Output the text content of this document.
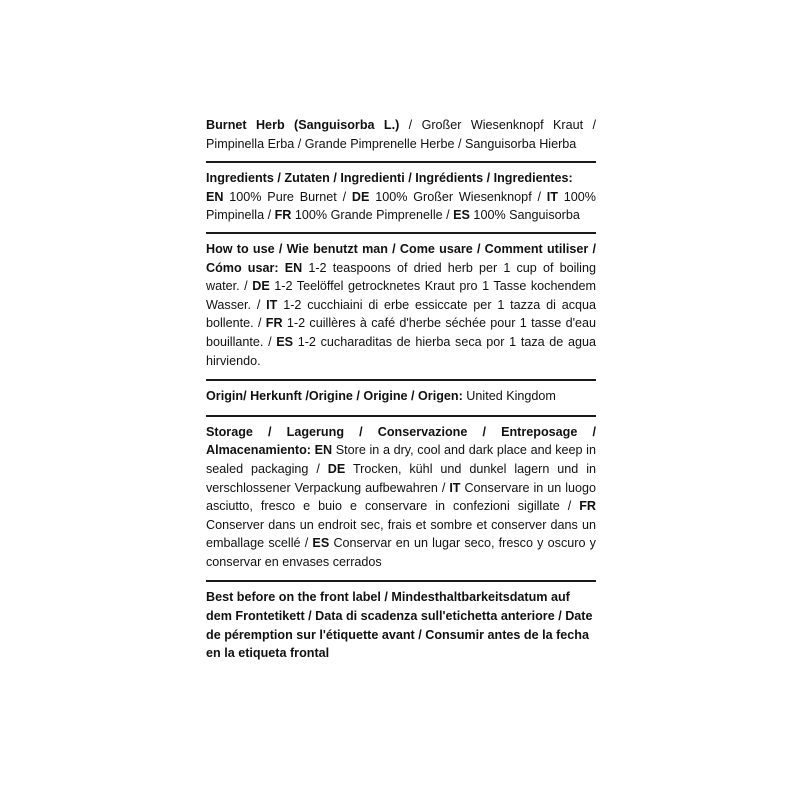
Burnet Herb (Sanguisorba L.) / Großer Wiesenknopf Kraut / Pimpinella Erba / Grande Pimprenelle Herbe / Sanguisorba Hierba
Ingredients / Zutaten / Ingredienti / Ingrédients / Ingredientes:
EN 100% Pure Burnet / DE 100% Großer Wiesenknopf / IT 100% Pimpinella / FR 100% Grande Pimprenelle / ES 100% Sanguisorba
How to use / Wie benutzt man / Come usare / Comment utiliser / Cómo usar: EN 1-2 teaspoons of dried herb per 1 cup of boiling water. / DE 1-2 Teelöffel getrocknetes Kraut pro 1 Tasse kochendem Wasser. / IT 1-2 cucchiaini di erbe essiccate per 1 tazza di acqua bollente. / FR 1-2 cuillères à café d'herbe séchée pour 1 tasse d'eau bouillante. / ES 1-2 cucharaditas de hierba seca por 1 taza de agua hirviendo.
Origin/ Herkunft /Origine / Origine / Origen: United Kingdom
Storage / Lagerung / Conservazione / Entreposage / Almacenamiento: EN Store in a dry, cool and dark place and keep in sealed packaging / DE Trocken, kühl und dunkel lagern und in verschlossener Verpackung aufbewahren / IT Conservare in un luogo asciutto, fresco e buio e conservare in confezioni sigillate / FR Conserver dans un endroit sec, frais et sombre et conserver dans un emballage scellé / ES Conservar en un lugar seco, fresco y oscuro y conservar en envases cerrados
Best before on the front label / Mindesthaltbarkeitsdatum auf dem Frontetikett / Data di scadenza sull'etichetta anteriore / Date de péremption sur l'étiquette avant / Consumir antes de la fecha en la etiqueta frontal
